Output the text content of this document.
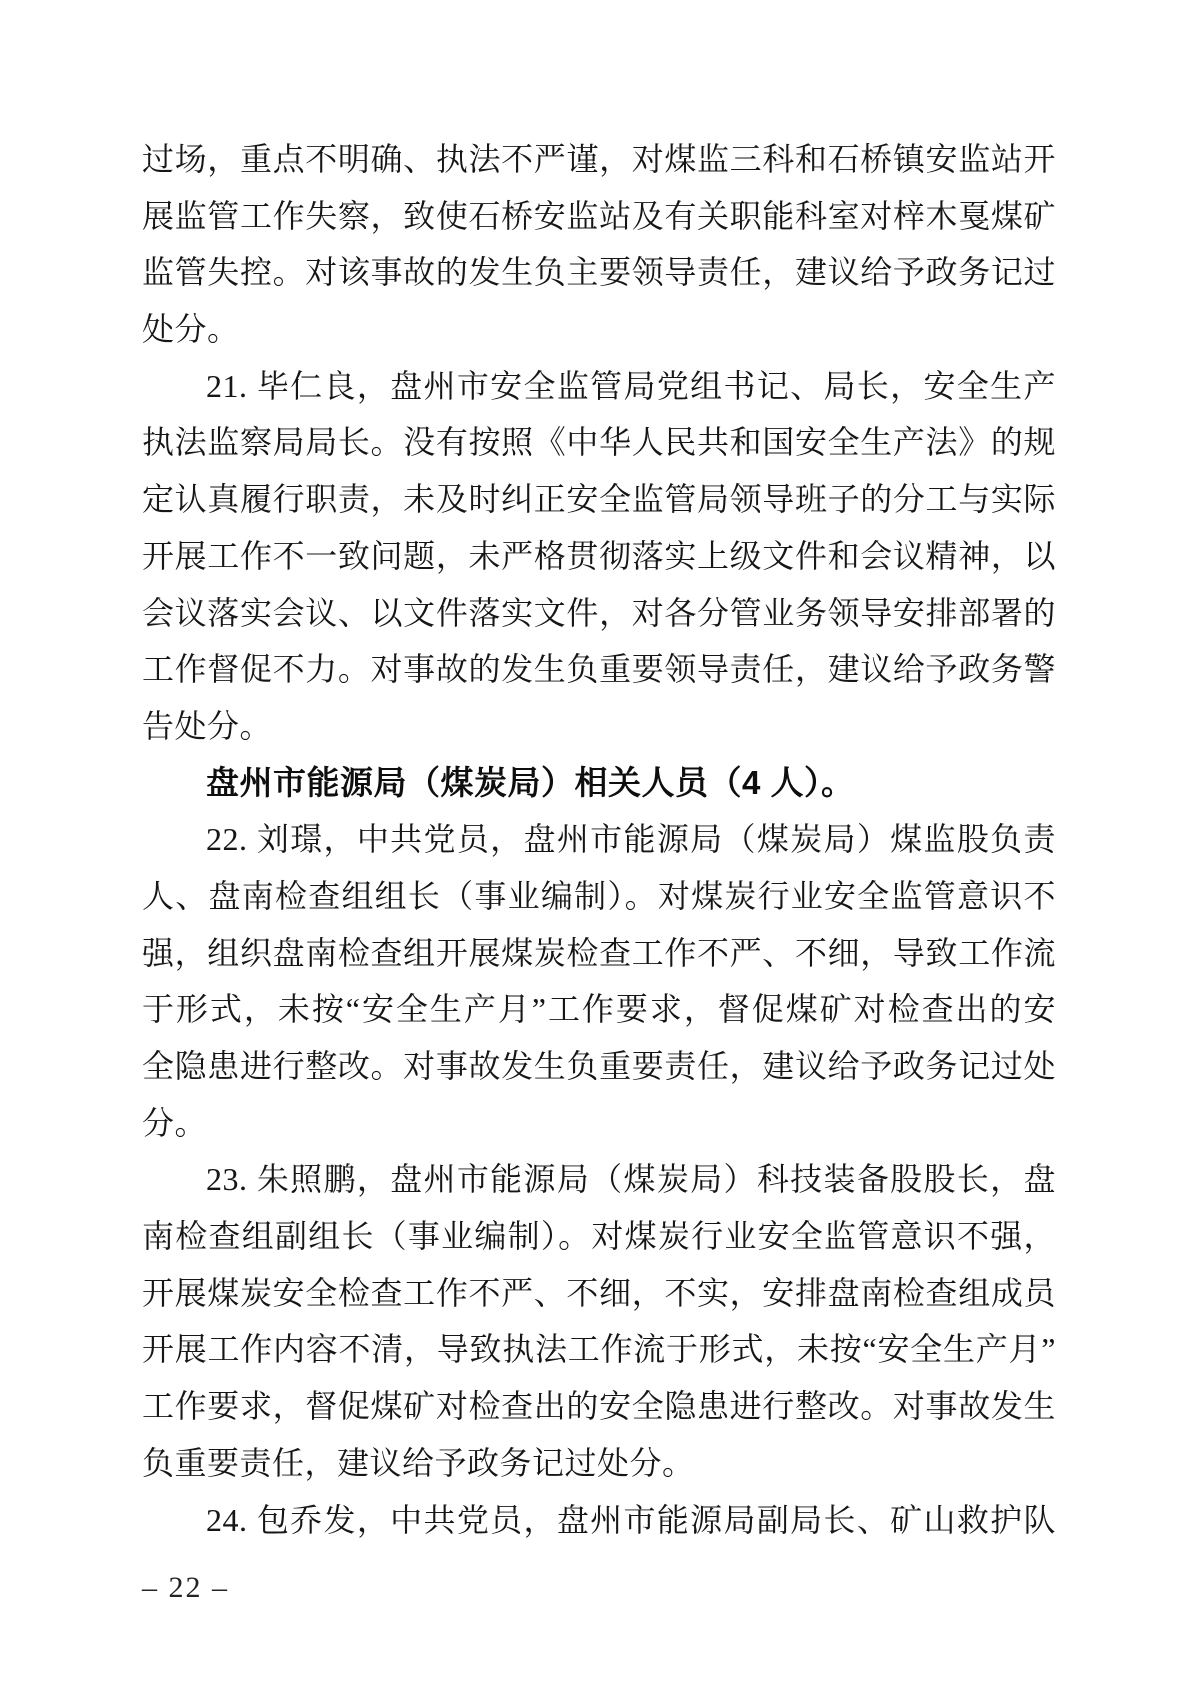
过场，重点不明确、执法不严谨，对煤监三科和石桥镇安监站开
展监管工作失察，致使石桥安监站及有关职能科室对梓木戛煤矿
监管失控。对该事故的发生负主要领导责任，建议给予政务记过
处分。
21. 毕仁良，盘州市安全监管局党组书记、局长，安全生产
执法监察局局长。没有按照《中华人民共和国安全生产法》的规
定认真履行职责，未及时纠正安全监管局领导班子的分工与实际
开展工作不一致问题，未严格贯彻落实上级文件和会议精神，以
会议落实会议、以文件落实文件，对各分管业务领导安排部署的
工作督促不力。对事故的发生负重要领导责任，建议给予政务警
告处分。
盘州市能源局（煤炭局）相关人员（4 人）。
22. 刘璟，中共党员，盘州市能源局（煤炭局）煤监股负责
人、盘南检查组组长（事业编制）。对煤炭行业安全监管意识不
强，组织盘南检查组开展煤炭检查工作不严、不细，导致工作流
于形式，未按“安全生产月”工作要求，督促煤矿对检查出的安
全隐患进行整改。对事故发生负重要责任，建议给予政务记过处
分。
23. 朱照鹏，盘州市能源局（煤炭局）科技装备股股长，盘
南检查组副组长（事业编制）。对煤炭行业安全监管意识不强，
开展煤炭安全检查工作不严、不细，不实，安排盘南检查组成员
开展工作内容不清，导致执法工作流于形式，未按“安全生产月”
工作要求，督促煤矿对检查出的安全隐患进行整改。对事故发生
负重要责任，建议给予政务记过处分。
24. 包乔发，中共党员，盘州市能源局副局长、矿山救护队
– 22 –
